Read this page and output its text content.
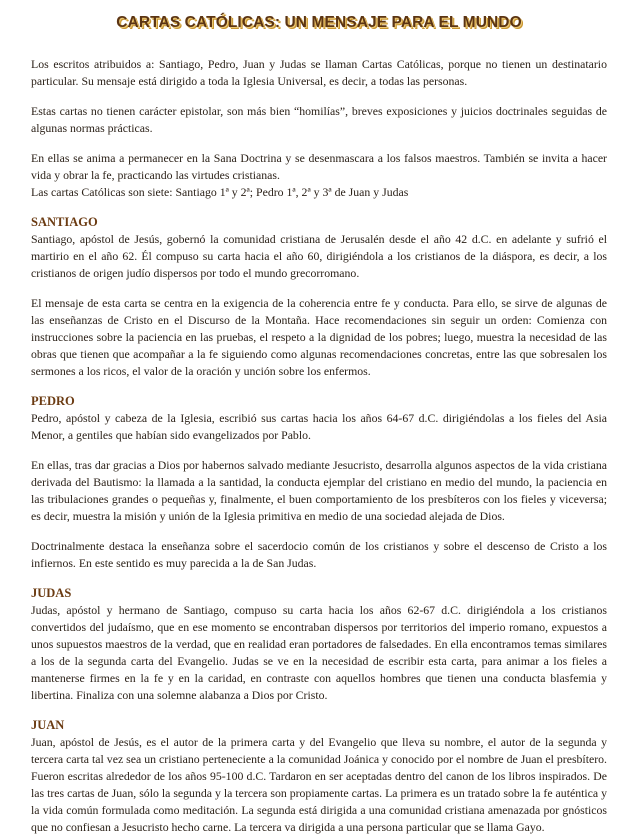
CARTAS CATÓLICAS: UN MENSAJE PARA EL MUNDO

Los escritos atribuidos a: Santiago, Pedro, Juan y Judas se llaman Cartas Católicas, porque no tienen un destinatario particular. Su mensaje está dirigido a toda la Iglesia Universal, es decir, a todas las personas.

Estas cartas no tienen carácter epistolar, son más bien “homilías”, breves exposiciones y juicios doctrinales seguidas de algunas normas prácticas.

En ellas se anima a permanecer en la Sana Doctrina y se desenmascara a los falsos maestros. También se invita a hacer vida y obrar la fe, practicando las virtudes cristianas.

Las cartas Católicas son siete: Santiago 1ª y 2ª; Pedro 1ª, 2ª y 3ª de Juan y Judas

SANTIAGO

Santiago, apóstol de Jesús, gobernó la comunidad cristiana de Jerusalén desde el año 42 d.C. en adelante y sufrió el martirio en el año 62. Él compuso su carta hacia el año 60, dirigiéndola a los cristianos de la diáspora, es decir, a los cristianos de origen judío dispersos por todo el mundo grecorromano.

El mensaje de esta carta se centra en la exigencia de la coherencia entre fe y conducta. Para ello, se sirve de algunas de las enseñanzas de Cristo en el Discurso de la Montaña. Hace recomendaciones sin seguir un orden: Comienza con instrucciones sobre la paciencia en las pruebas, el respeto a la dignidad de los pobres; luego, muestra la necesidad de las obras que tienen que acompañar a la fe siguiendo como algunas recomendaciones concretas, entre las que sobresalen los sermones a los ricos, el valor de la oración y unción sobre los enfermos.

PEDRO

Pedro, apóstol y cabeza de la Iglesia, escribió sus cartas hacia los años 64-67 d.C. dirigiéndolas a los fieles del Asia Menor, a gentiles que habían sido evangelizados por Pablo.

En ellas, tras dar gracias a Dios por habernos salvado mediante Jesucristo, desarrolla algunos aspectos de la vida cristiana derivada del Bautismo: la llamada a la santidad, la conducta ejemplar del cristiano en medio del mundo, la paciencia en las tribulaciones grandes o pequeñas y, finalmente, el buen comportamiento de los presbíteros con los fieles y viceversa; es decir, muestra la misión y unión de la Iglesia primitiva en medio de una sociedad alejada de Dios.

Doctrinalmente destaca la enseñanza sobre el sacerdocio común de los cristianos y sobre el descenso de Cristo a los infiernos. En este sentido es muy parecida a la de San Judas.

JUDAS

Judas, apóstol y hermano de Santiago, compuso su carta hacia los años 62-67 d.C. dirigiéndola a los cristianos convertidos del judaísmo, que en ese momento se encontraban dispersos por territorios del imperio romano, expuestos a unos supuestos maestros de la verdad, que en realidad eran portadores de falsedades. En ella encontramos temas similares a los de la segunda carta del Evangelio. Judas se ve en la necesidad de escribir esta carta, para animar a los fieles a mantenerse firmes en la fe y en la caridad, en contraste con aquellos hombres que tienen una conducta blasfemia y libertina. Finaliza con una solemne alabanza a Dios por Cristo.

JUAN

Juan, apóstol de Jesús, es el autor de la primera carta y del Evangelio que lleva su nombre, el autor de la segunda y tercera carta tal vez sea un cristiano perteneciente a la comunidad Joánica y conocido por el nombre de Juan el presbítero. Fueron escritas alrededor de los años 95-100 d.C. Tardaron en ser aceptadas dentro del canon de los libros inspirados. De las tres cartas de Juan, sólo la segunda y la tercera son propiamente cartas. La primera es un tratado sobre la fe auténtica y la vida común formulada como meditación. La segunda está dirigida a una comunidad cristiana amenazada por gnósticos que no confiesan a Jesucristo hecho carne. La tercera va dirigida a una persona particular que se llama Gayo.
